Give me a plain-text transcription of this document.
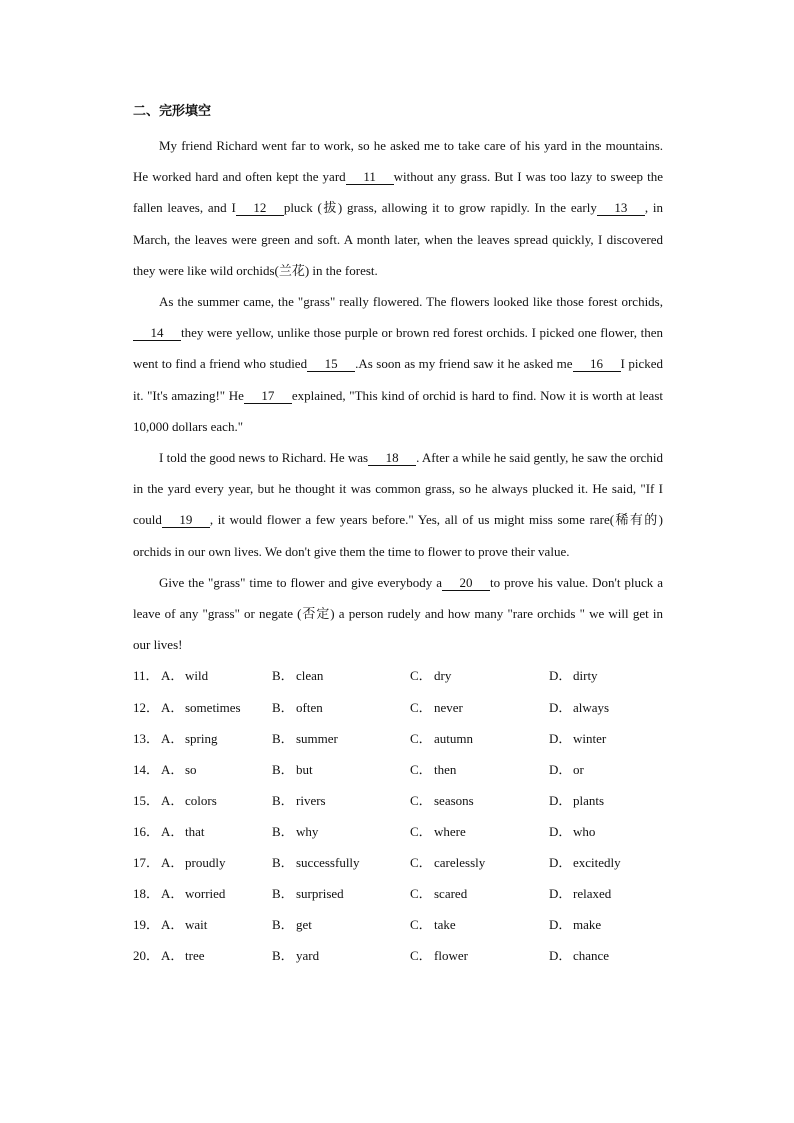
二、完形填空

My friend Richard went far to work, so he asked me to take care of his yard in the mountains. He worked hard and often kept the yard 11 without any grass. But I was too lazy to sweep the fallen leaves, and I 12 pluck (拔) grass, allowing it to grow rapidly. In the early 13 , in March, the leaves were green and soft. A month later, when the leaves spread quickly, I discovered they were like wild orchids(兰花) in the forest.

As the summer came, the "grass" really flowered. The flowers looked like those forest orchids,14 they were yellow, unlike those purple or brown red forest orchids. I picked one flower, then went to find a friend who studied 15 .As soon as my friend saw it he asked me 16 I picked it. "It's amazing!" He 17 explained, "This kind of orchid is hard to find. Now it is worth at least 10,000 dollars each."

I told the good news to Richard. He was 18 . After a while he said gently, he saw the orchid in the yard every year, but he thought it was common grass, so he always plucked it. He said, "If I could 19 , it would flower a few years before." Yes, all of us might miss some rare(稀有的) orchids in our own lives. We don't give them the time to flower to prove their value.

Give the "grass" time to flower and give everybody a 20 to prove his value. Don't pluck a leave of any "grass" or negate (否定) a person rudely and how many "rare orchids " we will get in our lives!

11． A． wild	B． clean	C． dry	D． dirty
12． A． sometimes B． often	C． never	D． always
13． A． spring	B． summer	C． autumn	D． winter
14． A． so	B． but	C． then	D． or
15． A． colors	B． rivers	C． seasons	D． plants
16． A． that	B． why	C． where	D． who
17． A． proudly	B． successfully	C． carelessly	D． excitedly
18． A． worried	B． surprised	C． scared	D． relaxed
19． A． wait	B． get	C． take	D． make
20． A． tree	B． yard	C． flower	D． chance
